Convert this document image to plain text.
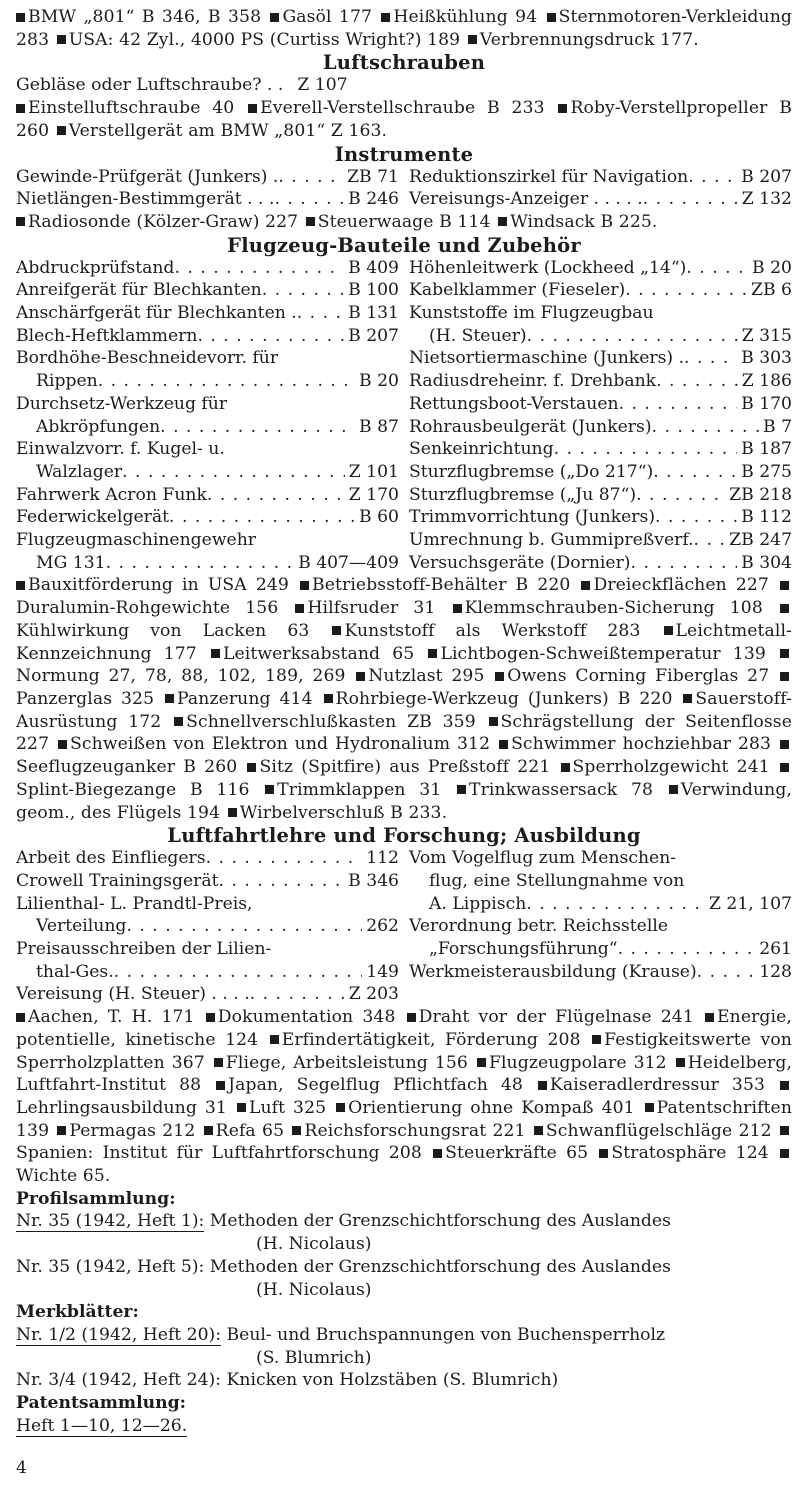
BMW „801“ B 346, B 358 Gasöl 177 Heißkühlung 94 Sternmotoren-Verkleidung 283 USA: 42 Zyl., 4000 PS (Curtiss Wright?) 189 Verbrennungsdruck 177.

Luftschrauben
Gebläse oder Luftschraube? . . Z 107

Einstelluftschraube 40 Everell-Verstellschraube B 233 Roby-Verstellpropeller B 260 Verstellgerät am BMW „801“ Z 163.

Instrumente
Gewinde-Prüfgerät (Junkers) . . . .	ZB 71
Nietlängen-Bestimmgerät . . . . . .	B 246
Reduktionszirkel für Navigation . . .	B 207
Vereisungs-Anzeiger . . . . . . . .	Z 132

Radiosonde (Kölzer-Graw) 227 Steuerwaage B 114 Windsack B 225.

Flugzeug-Bauteile und Zubehör
Abdruckprüfstand . . .	B 409
Anreifgerät für Blechkanten . . .	B 100
Anschärfgerät für Blechkanten . . . .	B 131
Blech-Heftklammern . . .	B 207
Bordhöhe-Beschneidevorr. für
Rippen . . .	B 20
Durchsetz-Werkzeug für
Abkröpfungen . . .	B 87
Einwalzvorr. f. Kugel- u.
Walzlager . . .	Z 101
Fahrwerk Acron Funk . . .	Z 170
Federwickelgerät . . .	B 60
Flugzeugmaschinengewehr
MG 131 . . .	B 407—409
Höhenleitwerk (Lockheed „14“) . . .	B 20
Kabelklammer (Fieseler) . . .	ZB 6
Kunststoffe im Flugzeugbau
(H. Steuer) . . .	Z 315
Nietsortiermaschine (Junkers) . . . .	B 303
Radiusdreheinr. f. Drehbank . . .	Z 186
Rettungsboot-Verstauen . . .	B 170
Rohrausbeulgerät (Junkers) . . .	B 7
Senkeinrichtung . . .	B 187
Sturzflugbremse („Do 217“) . . .	B 275
Sturzflugbremse („Ju 87“) . . .	ZB 218
Trimmvorrichtung (Junkers) . . .	B 112
Umrechnung b. Gummipreßverf. . . . ZB 247
Versuchsgeräte (Dornier) . . .	B 304

Bauxitförderung in USA 249 Betriebsstoff-Behälter B 220 Dreieckflächen 227 Duralumin-Rohgewichte 156 Hilfsruder 31 Klemmschrauben-Sicherung 108 Kühlwirkung von Lacken 63 Kunststoff als Werkstoff 283 Leichtmetall-Kennzeichnung 177 Leitwerksabstand 65 Lichtbogen-Schweißtemperatur 139 Normung 27, 78, 88, 102, 189, 269 Nutzlast 295 Owens Corning Fiberglas 27 Panzerglas 325 Panzerung 414 Rohrbiege-Werkzeug (Junkers) B 220 Sauerstoff-Ausrüstung 172 Schnellverschlußkasten ZB 359 Schrägstellung der Seitenflosse 227 Schweißen von Elektron und Hydronalium 312 Schwimmer hochziehbar 283 Seeflugzeuganker B 260 Sitz (Spitfire) aus Preßstoff 221 Sperrholzgewicht 241 Splint-Biegezange B 116 Trimmklappen 31 Trinkwassersack 78 Verwindung, geom., des Flügels 194 Wirbelverschluß B 233.

Luftfahrtlehre und Forschung; Ausbildung
Arbeit des Einfliegers . . .	112
Crowell Trainingsgerät . . .	B 346
Lilienthal- L. Prandtl-Preis,
Verteilung . . .	262
Preisausschreiben der Lilien-
thal-Ges. . . .	149
Vereisung (H. Steuer) . . . . . . .	Z 203
Vom Vogelflug zum Menschen-
flug, eine Stellungnahme von
A. Lippisch . . .	Z 21, 107
Verordnung betr. Reichsstelle
„Forschungsführung“ . . .	261
Werkmeisterausbildung (Krause) . . .	128

Aachen, T. H. 171 Dokumentation 348 Draht vor der Flügelnase 241 Energie, potentielle, kinetische 124 Erfindertätigkeit, Förderung 208 Festigkeitswerte von Sperrholzplatten 367 Fliege, Arbeitsleistung 156 Flugzeugpolare 312 Heidelberg, Luftfahrt-Institut 88 Japan, Segelflug Pflichtfach 48 Kaiseradlerdressur 353 Lehrlingsausbildung 31 Luft 325 Orientierung ohne Kompaß 401 Patentschriften 139 Permagas 212 Refa 65 Reichsforschungsrat 221 Schwanflügelschläge 212 Spanien: Institut für Luftfahrtforschung 208 Steuerkräfte 65 Stratosphäre 124 Wichte 65.

Profilsammlung:

Nr. 35 (1942, Heft 1): Methoden der Grenzschichtforschung des Auslandes

(H. Nicolaus)

Nr. 35 (1942, Heft 5): Methoden der Grenzschichtforschung des Auslandes

(H. Nicolaus)

Merkblätter:

Nr. 1/2 (1942, Heft 20): Beul- und Bruchspannungen von Buchensperrholz

(S. Blumrich)

Nr. 3/4 (1942, Heft 24): Knicken von Holzstäben (S. Blumrich)

Patentsammlung:

Heft 1—10, 12—26.

4
